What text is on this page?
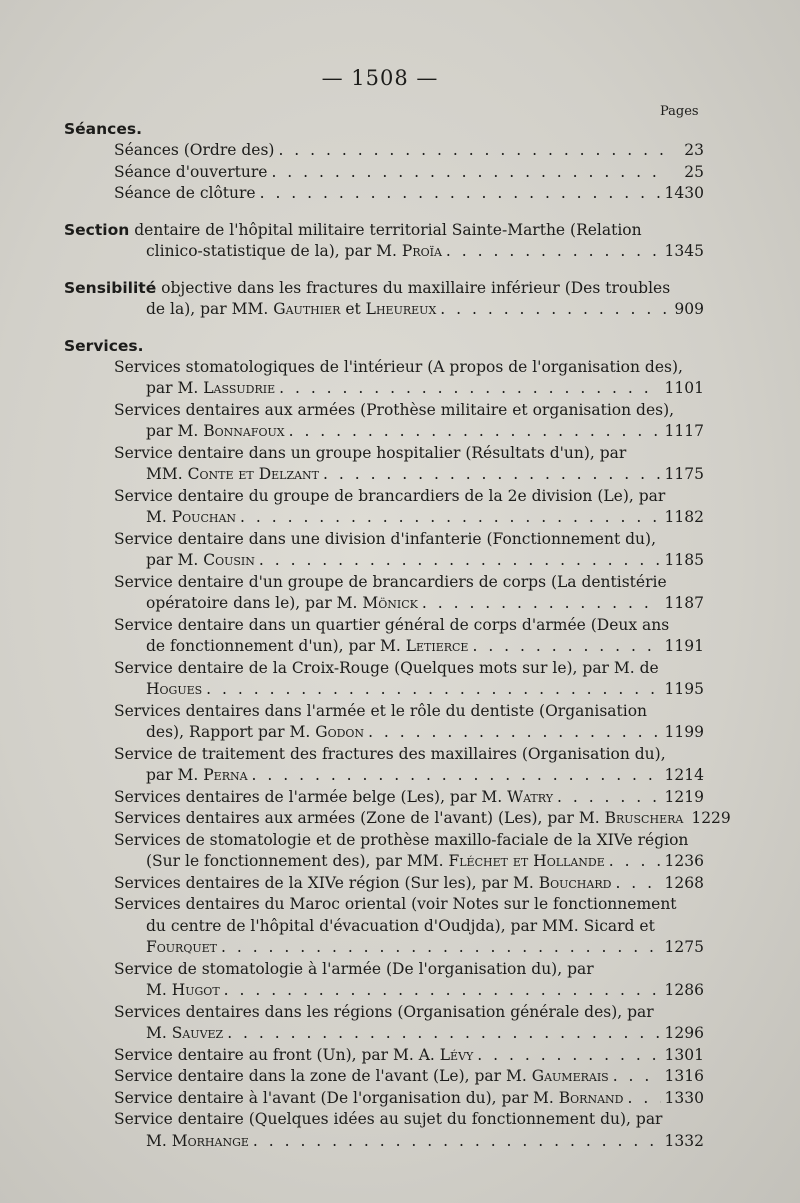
— 1508 —
Pages
Séances.
Séances (Ordre des) . . .	23
Séance d'ouverture . . .	25
Séance de clôture . . .	1430
Section dentaire de l'hôpital militaire territorial Sainte-Marthe (Relation
clinico-statistique de la), par M. Proïa . . .	1345
Sensibilité objective dans les fractures du maxillaire inférieur (Des troubles
de la), par MM. Gauthier et Lheureux . . .	909
Services.
Services stomatologiques de l'intérieur (A propos de l'organisation des),
par M. Lassudrie . . .	1101
Services dentaires aux armées (Prothèse militaire et organisation des),
par M. Bonnafoux . . .	1117
Service dentaire dans un groupe hospitalier (Résultats d'un), par
MM. Conte et Delzant . . .	1175
Service dentaire du groupe de brancardiers de la 2e division (Le), par
M. Pouchan . . .	1182
Service dentaire dans une division d'infanterie (Fonctionnement du),
par M. Cousin . . .	1185
Service dentaire d'un groupe de brancardiers de corps (La dentistérie
opératoire dans le), par M. Mönick . . .	1187
Service dentaire dans un quartier général de corps d'armée (Deux ans
de fonctionnement d'un), par M. Letierce . . .	1191
Service dentaire de la Croix-Rouge (Quelques mots sur le), par M. de
Hogues . . .	1195
Services dentaires dans l'armée et le rôle du dentiste (Organisation
des), Rapport par M. Godon . . .	1199
Service de traitement des fractures des maxillaires (Organisation du),
par M. Perna . . .	1214
Services dentaires de l'armée belge (Les), par M. Watry . . .	1219
Services dentaires aux armées (Zone de l'avant) (Les), par M. Bruschera 1229
Services de stomatologie et de prothèse maxillo-faciale de la XIVe région
(Sur le fonctionnement des), par MM. Fléchet et Hollande . . .	1236
Services dentaires de la XIVe région (Sur les), par M. Bouchard . . .	1268
Services dentaires du Maroc oriental (voir Notes sur le fonctionnement
du centre de l'hôpital d'évacuation d'Oudjda), par MM. Sicard et
Fourquet . . .	1275
Service de stomatologie à l'armée (De l'organisation du), par
M. Hugot . . .	1286
Services dentaires dans les régions (Organisation générale des), par
M. Sauvez . . .	1296
Service dentaire au front (Un), par M. A. Lévy . . .	1301
Service dentaire dans la zone de l'avant (Le), par M. Gaumerais . . .	1316
Service dentaire à l'avant (De l'organisation du), par M. Bornand . . .	1330
Service dentaire (Quelques idées au sujet du fonctionnement du), par
M. Morhange . . .	1332
